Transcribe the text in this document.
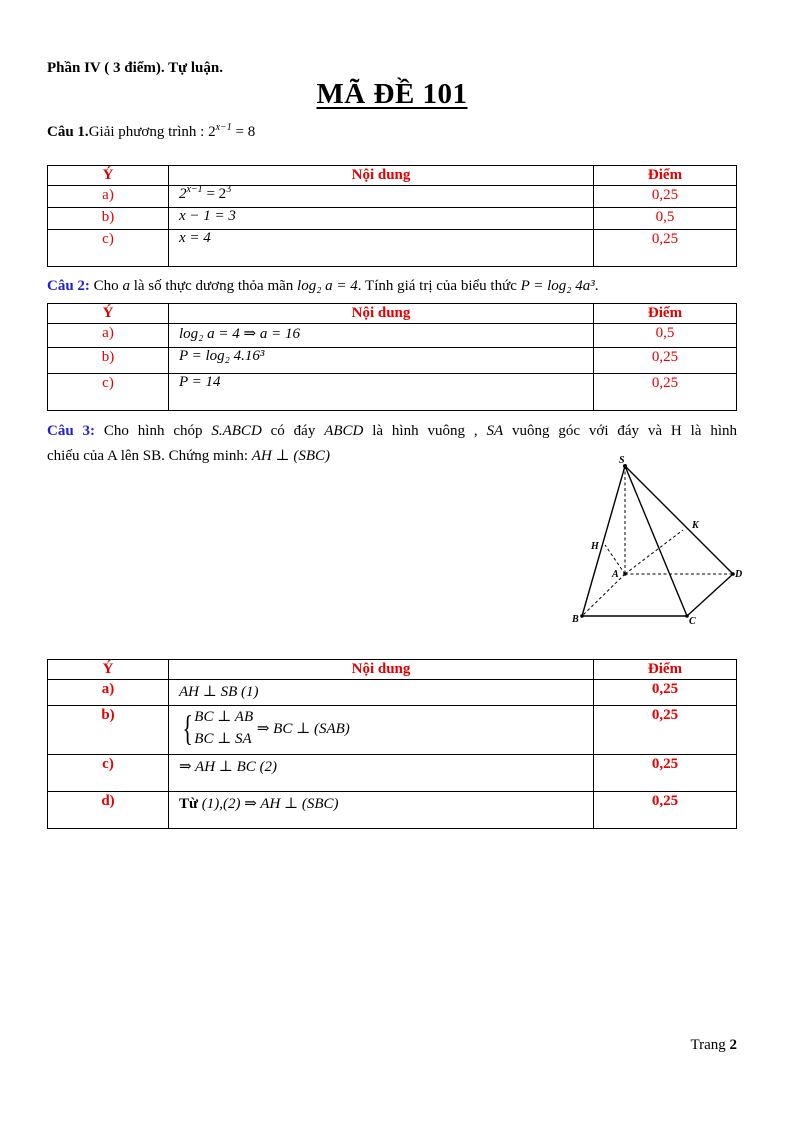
Phần IV ( 3 điểm). Tự luận.
MÃ ĐỀ 101
Câu 1.Giải phương trình : $2^{x-1} = 8$
Ý	Nội dung	Điểm
a)	$2^{x-1} = 2^3$	0,25
b)	x − 1 = 3	0,5
c)	x = 4	0,25
Câu 2: Cho a là số thực dương thỏa mãn log₂ a = 4. Tính giá trị của biểu thức P = log₂ 4a³.
Ý	Nội dung	Điểm
a)	log₂ a = 4 ⇒ a = 16	0,5
b)	P = log₂ 4.16³	0,25
c)	P = 14	0,25
Câu 3: Cho hình chóp S.ABCD có đáy ABCD là hình vuông , SA vuông góc với đáy và H là hình
chiếu của A lên SB. Chứng minh: AH ⊥ (SBC)	S
K
H
A	D
B	C
Ý	Nội dung	Điểm
a)	AH ⊥ SB (1)	0,25
b)	{ BC ⊥ AB
BC ⊥ SA

⇒ BC ⊥ (SAB)	0,25
c)	⇒ AH ⊥ BC (2)	0,25
d)	Từ (1),(2) ⇒ AH ⊥ (SBC)	0,25
Trang 2
